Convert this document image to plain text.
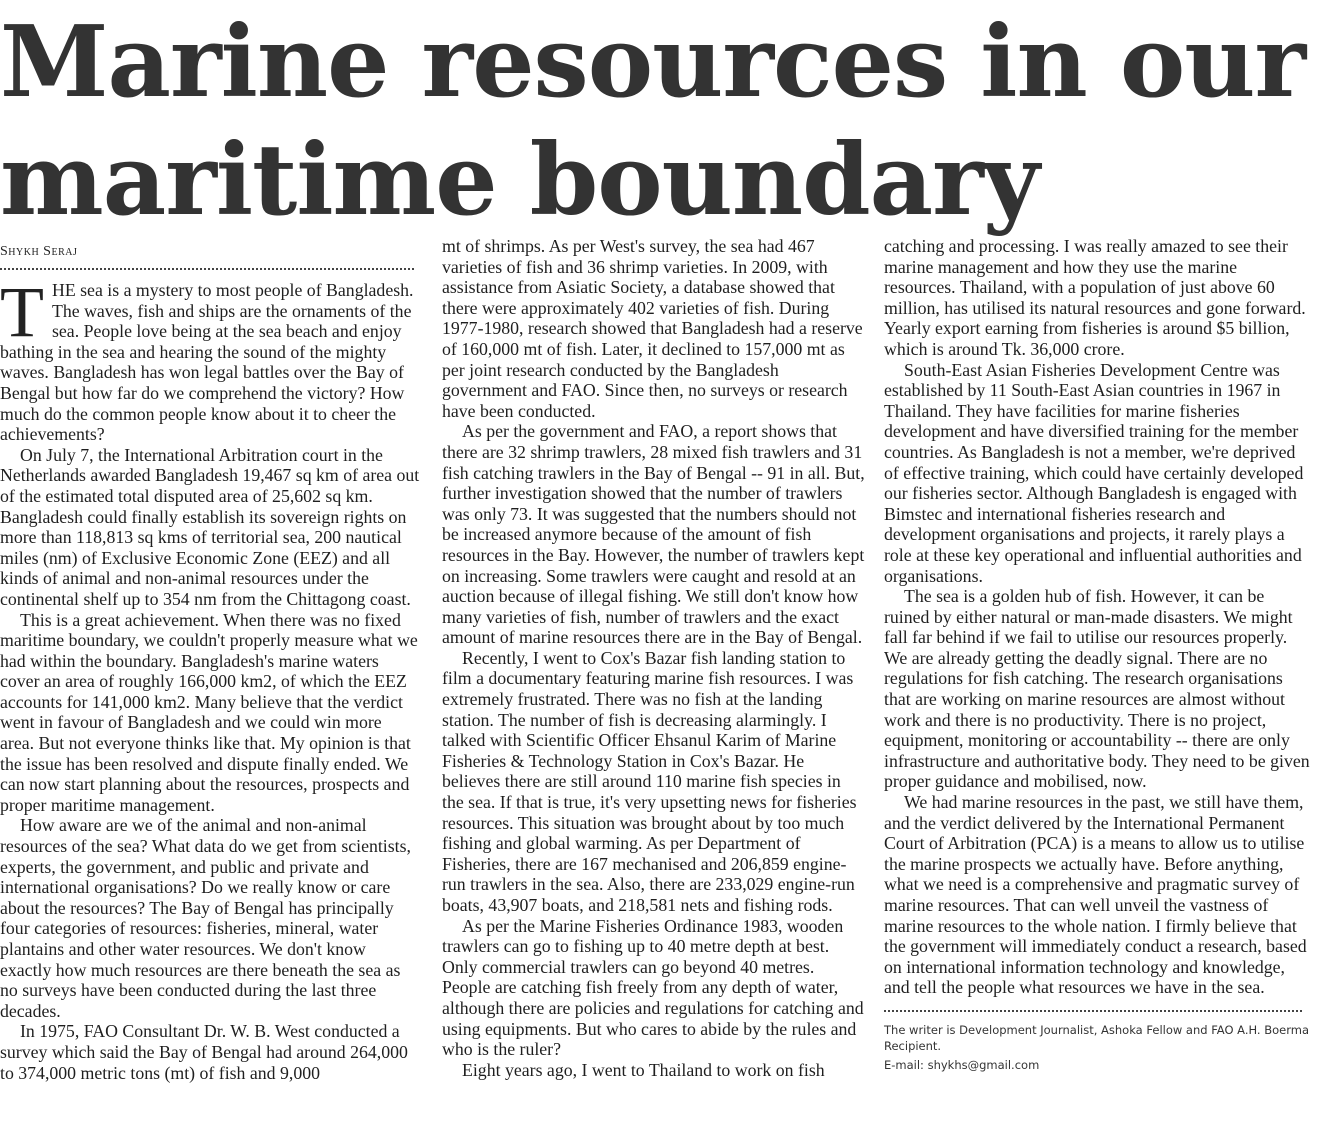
Marine resources in our
maritime boundary
Shykh Seraj

THE sea is a mystery to most people of Bangladesh. The waves, fish and ships are the ornaments of the sea. People love being at the sea beach and enjoy bathing in the sea and hearing the sound of the mighty waves. Bangladesh has won legal battles over the Bay of Bengal but how far do we comprehend the victory? How much do the common people know about it to cheer the achievements?

On July 7, the International Arbitration court in the Netherlands awarded Bangladesh 19,467 sq km of area out of the estimated total disputed area of 25,602 sq km. Bangladesh could finally establish its sovereign rights on more than 118,813 sq kms of territorial sea, 200 nautical miles (nm) of Exclusive Economic Zone (EEZ) and all kinds of animal and non-animal resources under the continental shelf up to 354 nm from the Chittagong coast.

This is a great achievement. When there was no fixed maritime boundary, we couldn't properly measure what we had within the boundary. Bangladesh's marine waters cover an area of roughly 166,000 km2, of which the EEZ accounts for 141,000 km2. Many believe that the verdict went in favour of Bangladesh and we could win more area. But not everyone thinks like that. My opinion is that the issue has been resolved and dispute finally ended. We can now start planning about the resources, prospects and proper maritime management.

How aware are we of the animal and non-animal resources of the sea? What data do we get from scientists, experts, the government, and public and private and international organisations? Do we really know or care about the resources? The Bay of Bengal has principally four categories of resources: fisheries, mineral, water plantains and other water resources. We don't know exactly how much resources are there beneath the sea as no surveys have been conducted during the last three decades.

In 1975, FAO Consultant Dr. W. B. West conducted a survey which said the Bay of Bengal had around 264,000 to 374,000 metric tons (mt) of fish and 9,000

mt of shrimps. As per West's survey, the sea had 467 varieties of fish and 36 shrimp varieties. In 2009, with assistance from Asiatic Society, a database showed that there were approximately 402 varieties of fish. During 1977-1980, research showed that Bangladesh had a reserve of 160,000 mt of fish. Later, it declined to 157,000 mt as per joint research conducted by the Bangladesh government and FAO. Since then, no surveys or research have been conducted.

As per the government and FAO, a report shows that there are 32 shrimp trawlers, 28 mixed fish trawlers and 31 fish catching trawlers in the Bay of Bengal -- 91 in all. But, further investigation showed that the number of trawlers was only 73. It was suggested that the numbers should not be increased anymore because of the amount of fish resources in the Bay. However, the number of trawlers kept on increasing. Some trawlers were caught and resold at an auction because of illegal fishing. We still don't know how many varieties of fish, number of trawlers and the exact amount of marine resources there are in the Bay of Bengal.

Recently, I went to Cox's Bazar fish landing station to film a documentary featuring marine fish resources. I was extremely frustrated. There was no fish at the landing station. The number of fish is decreasing alarmingly. I talked with Scientific Officer Ehsanul Karim of Marine Fisheries & Technology Station in Cox's Bazar. He believes there are still around 110 marine fish species in the sea. If that is true, it's very upsetting news for fisheries resources. This situation was brought about by too much fishing and global warming. As per Department of Fisheries, there are 167 mechanised and 206,859 engine-run trawlers in the sea. Also, there are 233,029 engine-run boats, 43,907 boats, and 218,581 nets and fishing rods.

As per the Marine Fisheries Ordinance 1983, wooden trawlers can go to fishing up to 40 metre depth at best. Only commercial trawlers can go beyond 40 metres. People are catching fish freely from any depth of water, although there are policies and regulations for catching and using equipments. But who cares to abide by the rules and who is the ruler?

Eight years ago, I went to Thailand to work on fish

catching and processing. I was really amazed to see their marine management and how they use the marine resources. Thailand, with a population of just above 60 million, has utilised its natural resources and gone forward. Yearly export earning from fisheries is around $5 billion, which is around Tk. 36,000 crore.

South-East Asian Fisheries Development Centre was established by 11 South-East Asian countries in 1967 in Thailand. They have facilities for marine fisheries development and have diversified training for the member countries. As Bangladesh is not a member, we're deprived of effective training, which could have certainly developed our fisheries sector. Although Bangladesh is engaged with Bimstec and international fisheries research and development organisations and projects, it rarely plays a role at these key operational and influential authorities and organisations.

The sea is a golden hub of fish. However, it can be ruined by either natural or man-made disasters. We might fall far behind if we fail to utilise our resources properly. We are already getting the deadly signal. There are no regulations for fish catching. The research organisations that are working on marine resources are almost without work and there is no productivity. There is no project, equipment, monitoring or accountability -- there are only infrastructure and authoritative body. They need to be given proper guidance and mobilised, now.

We had marine resources in the past, we still have them, and the verdict delivered by the International Permanent Court of Arbitration (PCA) is a means to allow us to utilise the marine prospects we actually have. Before anything, what we need is a comprehensive and pragmatic survey of marine resources. That can well unveil the vastness of marine resources to the whole nation. I firmly believe that the government will immediately conduct a research, based on international information technology and knowledge, and tell the people what resources we have in the sea.

The writer is Development Journalist, Ashoka Fellow and FAO A.H. Boerma Recipient.
E-mail: shykhs@gmail.com
